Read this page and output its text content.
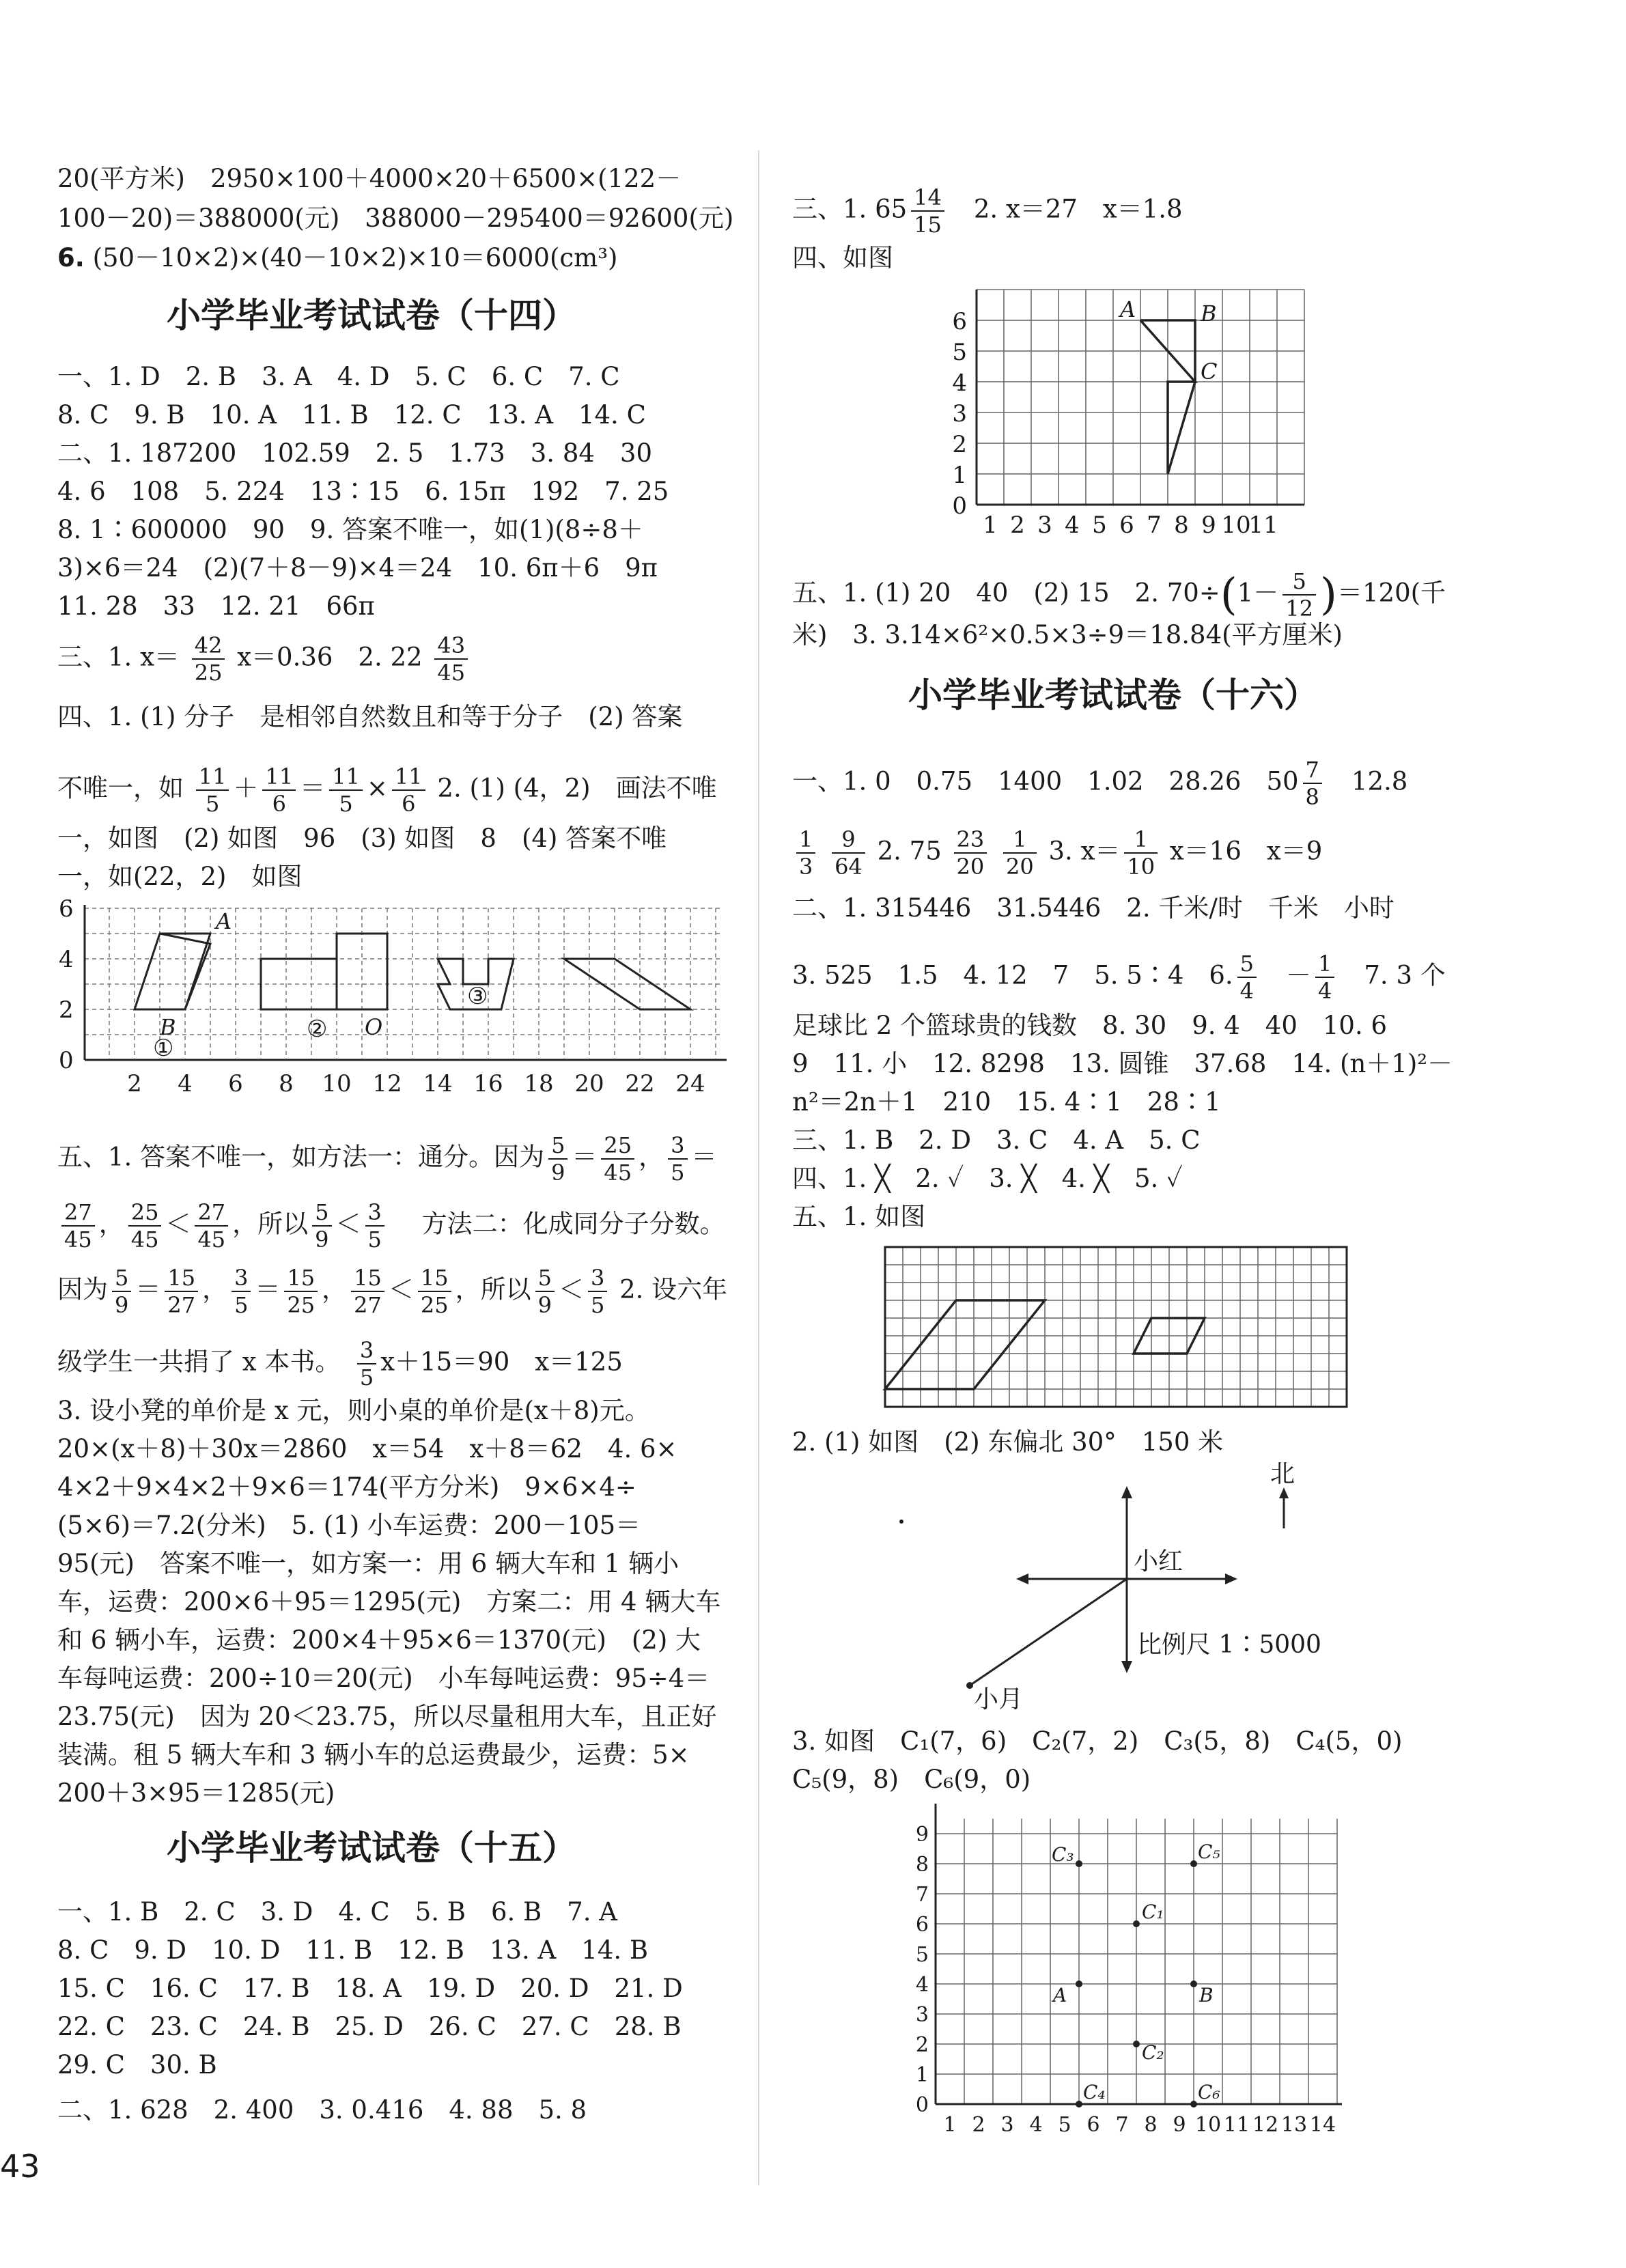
20(平方米)　2950×100＋4000×20＋6500×(122－
100－20)＝388000(元)　388000－295400＝92600(元)
6. (50－10×2)×(40－10×2)×10＝6000(cm³)
小学毕业考试试卷（十四）
一、1. D　2. B　3. A　4. D　5. C　6. C　7. C
8. C　9. B　10. A　11. B　12. C　13. A　14. C
二、1. 187200　102.59　2. 5　1.73　3. 84　30
4. 6　108　5. 224　13∶15　6. 15π　192　7. 25
8. 1∶600000　90　9. 答案不唯一，如(1)(8÷8＋
3)×6＝24　(2)(7＋8－9)×4＝24　10. 6π＋6　9π
11. 28　33　12. 21　66π
三、1. $x= \frac{42}{25} x=0.36$　2. $22 \frac{43}{45}$
四、1. (1) 分子　是相邻自然数且和等于分子　(2) 答案
不唯一，如 $\frac{11}{5} + \frac{11}{6} = \frac{11}{5} \times \frac{11}{6} 2$. (1) (4，2)　画法不唯
一，如图　(2) 如图　96　(3) 如图　8　(4) 答案不唯
一，如(22，2)　如图
A
B	O
①
②
③
6
4
2
0
2 4 6 8 10 12 14 16 18 20 22 24
五、1. 答案不唯一，如方法一：通分。因为 $\frac{5}{9} = \frac{25}{45}$ ， $\frac{3}{5}$ ＝
$\frac{27}{45}$ ， $\frac{25}{45} < \frac{27}{45}$ ，所以 $\frac{5}{9} < \frac{3}{5}$
　 方法二：化成同分子分数。
因为 $\frac{5}{9} = \frac{15}{27}$ ， $\frac{3}{5} = \frac{15}{25}$ ， $\frac{15}{27} < \frac{15}{25}$ ，所以 $\frac{5}{9} < \frac{3}{5} 2$. 设六年
级学生一共捐了 x 本书。　 $\frac{3}{5} x+15=90$　x＝125
3. 设小凳的单价是 x 元，则小桌的单价是(x＋8)元。
20×(x＋8)＋30x＝2860　x＝54　x＋8＝62　4. 6×
4×2＋9×4×2＋9×6＝174(平方分米)　9×6×4÷
(5×6)＝7.2(分米)　5. (1) 小车运费：200－105＝
95(元)　答案不唯一，如方案一：用 6 辆大车和 1 辆小
车，运费：200×6＋95＝1295(元)　方案二：用 4 辆大车
和 6 辆小车，运费：200×4＋95×6＝1370(元)　(2) 大
车每吨运费：200÷10＝20(元)　小车每吨运费：95÷4＝
23.75(元)　因为 20＜23.75，所以尽量租用大车，且正好
装满。租 5 辆大车和 3 辆小车的总运费最少，运费：5×
200＋3×95＝1285(元)
小学毕业考试试卷（十五）
一、1. B　2. C　3. D　4. C　5. B　6. B　7. A
8. C　9. D　10. D　11. B　12. B　13. A　14. B
15. C　16. C　17. B　18. A　19. D　20. D　21. D
22. C　23. C　24. B　25. D　26. C　27. C　28. B
29. C　30. B
二、1. 628　2. 400　3. 0.416　4. 88　5. 8
三、1. $65 \frac{14}{15}$
　 2. x＝27　x＝1.8
四、如图
A	B
C
6
5
4
3
2
1
0
1 2 3 4 5 6 7 8 9 10
11
五、1. (1) 20　40　(2) 15　2. $70\div(1- \frac{5}{12} )=120$(千
米)　3. 3.14×6²×0.5×3÷9＝18.84(平方厘米)
小学毕业考试试卷（十六）
一、1. 0　0.75　1400　1.02　28.26　$50 \frac{7}{8}$
　 12.8
$\frac{1}{3}$
$\frac{9}{64} 2$. $75 \frac{23}{20}$
$\frac{1}{20} 3$. $x= \frac{1}{10} x=16$　x＝9
二、1. 315446　31.5446　2. 千米/时　千米　小时
3. 525　1.5　4. 12　7　5. 5∶4　6. $\frac{5}{4}$
　 － $\frac{1}{4}$
　 7. 3 个
足球比 2 个篮球贵的钱数　8. 30　9. 4　40　10. 6
9　11. 小　12. 8298　13. 圆锥　37.68　14. (n＋1)²－
n²＝2n＋1　210　15. 4∶1　28∶1
三、1. B　2. D　3. C　4. A　5. C
四、1. ╳　2. ✓　3. ╳　4. ╳　5. ✓
五、1. 如图
2. (1) 如图　(2) 东偏北 30°　150 米
北
小红
小月
比例尺 1∶5000
3. 如图　C₁(7，6)　C₂(7，2)　C₃(5，8)　C₄(5，0)
C₅(9，8)　C₆(9，0)
C₁
C₂
C₃
C₄
C₅
C₆
A	B
9
8
7
6
5
4
3
2
1
0
1 2 3 4 5 6 7 8 9 10 11 12 13 14
43
